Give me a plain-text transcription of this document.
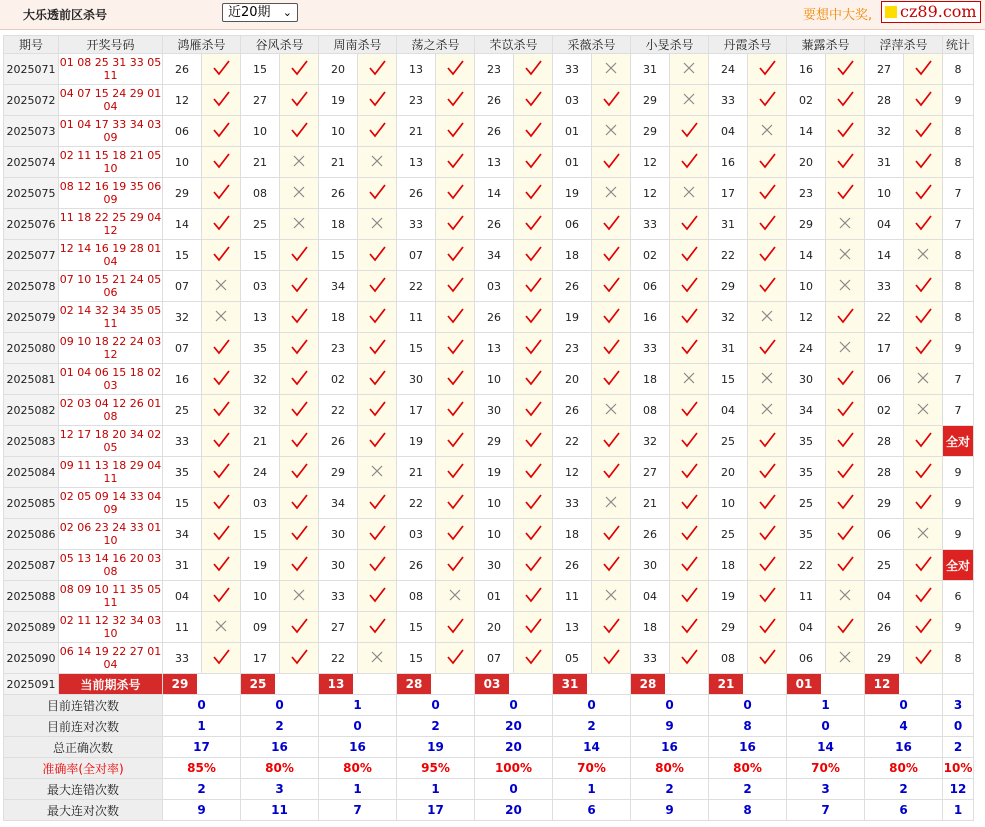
大乐透前区杀号	近20期 ⌄	要想中大奖,	cz89.com
期号	开奖号码	鸿雁杀号		谷风杀号		周南杀号		荡之杀号		芣苡杀号		采薇杀号		小旻杀号		丹霞杀号		蒹露杀号		浮萍杀号		统计
2025071	01 08 25 31 33 05 11	26		15		20		13		23		33		31		24		16		27		8
2025072	04 07 15 24 29 01 04	12		27		19		23		26		03		29		33		02		28		9
2025073	01 04 17 33 34 03 09	06		10		10		21		26		01		29		04		14		32		8
2025074	02 11 15 18 21 05 10	10		21		21		13		13		01		12		16		20		31		8
2025075	08 12 16 19 35 06 09	29		08		26		26		14		19		12		17		23		10		7
2025076	11 18 22 25 29 04 12	14		25		18		33		26		06		33		31		29		04		7
2025077	12 14 16 19 28 01 04	15		15		15		07		34		18		02		22		14		14		8
2025078	07 10 15 21 24 05 06	07		03		34		22		03		26		06		29		10		33		8
2025079	02 14 32 34 35 05 11	32		13		18		11		26		19		16		32		12		22		8
2025080	09 10 18 22 24 03 12	07		35		23		15		13		23		33		31		24		17		9
2025081	01 04 06 15 18 02 03	16		32		02		30		10		20		18		15		30		06		7
2025082	02 03 04 12 26 01 08	25		32		22		17		30		26		08		04		34		02		7
2025083	12 17 18 20 34 02 05	33		21		26		19		29		22		32		25		35		28		全对
2025084	09 11 13 18 29 04 11	35		24		29		21		19		12		27		20		35		28		9
2025085	02 05 09 14 33 04 09	15		03		34		22		10		33		21		10		25		29		9
2025086	02 06 23 24 33 01 10	34		15		30		03		10		18		26		25		35		06		9
2025087	05 13 14 16 20 03 08	31		19		30		26		30		26		30		18		22		25		全对
2025088	08 09 10 11 35 05 11	04		10		33		08		01		11		04		19		11		04		6
2025089	02 11 12 32 34 03 10	11		09		27		15		20		13		18		29		04		26		9
2025090	06 14 19 22 27 01 04	33		17		22		15		07		05		33		08		06		29		8
2025091	当前期杀号	29		25		13		28		03		31		28		21		01		12		
目前连错次数		0		0		1		0		0		0		0		0		1		0		3
目前连对次数		1		2		0		2		20		2		9		8		0		4		0
总正确次数		17		16		16		19		20		14		16		16		14		16		2
准确率(全对率)		85%		80%		80%		95%		100%		70%		80%		80%		70%		80%		10%
最大连错次数		2		3		1		1		0		1		2		2		3		2		12
最大连对次数		9		11		7		17		20		6		9		8		7		6		1
